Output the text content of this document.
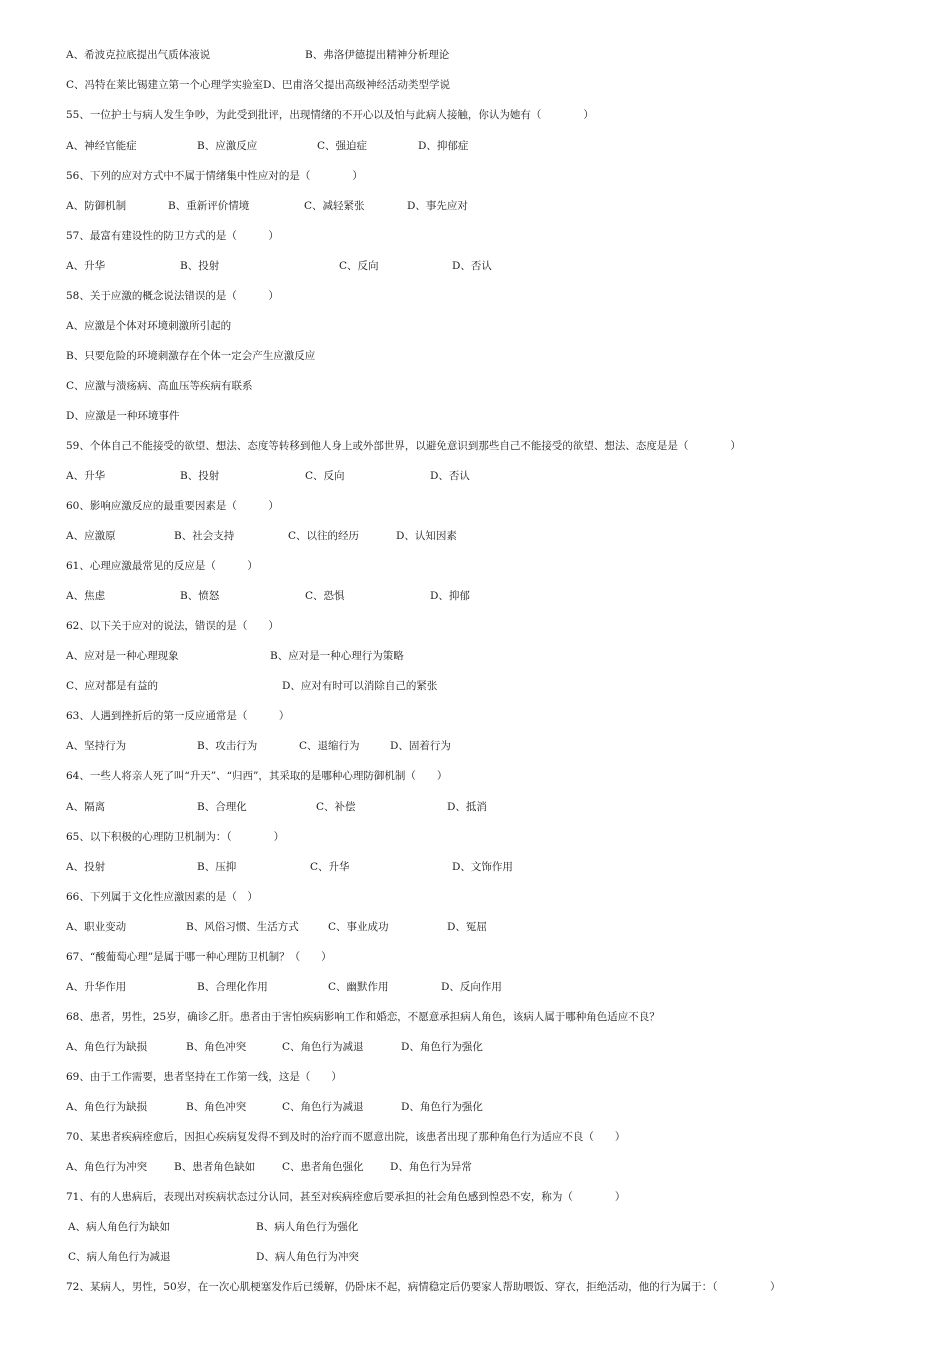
A、希波克拉底提出气质体液说	B、弗洛伊德提出精神分析理论
C、冯特在莱比锡建立第一个心理学实验室D、巴甫洛父提出高级神经活动类型学说
55、一位护士与病人发生争吵，为此受到批评，出现情绪的不开心以及怕与此病人接触，你认为她有（　　　　）
A、神经官能症	B、应激反应	C、强迫症	D、抑郁症
56、下列的应对方式中不属于情绪集中性应对的是（　　　　）
A、防御机制	B、重新评价情境	C、减轻紧张	D、事先应对
57、最富有建设性的防卫方式的是（　　　）
A、升华	B、投射	C、反向	D、否认
58、关于应激的概念说法错误的是（　　　）
A、应激是个体对环境刺激所引起的
B、只要危险的环境刺激存在个体一定会产生应激反应
C、应激与溃疡病、高血压等疾病有联系
D、应激是一种环境事件
59、个体自己不能接受的欲望、想法、态度等转移到他人身上或外部世界，以避免意识到那些自己不能接受的欲望、想法、态度是是（　　　　）
A、升华	B、投射	C、反向	D、否认
60、影响应激反应的最重要因素是（　　　）
A、应激原	B、社会支持	C、以往的经历	D、认知因素
61、心理应激最常见的反应是（　　　）
A、焦虑	B、愤怒	C、恐惧	D、抑郁
62、以下关于应对的说法，错误的是（　　）
A、应对是一种心理现象	B、应对是一种心理行为策略
C、应对都是有益的	D、应对有时可以消除自己的紧张
63、人遇到挫折后的第一反应通常是（　　　）
A、坚持行为	B、攻击行为	C、退缩行为	D、固着行为
64、一些人将亲人死了叫“升天”、“归西”，其采取的是哪种心理防御机制（　　）
A、隔离	B、合理化	C、补偿	D、抵消
65、以下积极的心理防卫机制为：（　　　　）
A、投射	B、压抑	C、升华	D、文饰作用
66、下列属于文化性应激因素的是（　）
A、职业变动	B、风俗习惯、生活方式	C、事业成功	D、冤屈
67、“酸葡萄心理”是属于哪一种心理防卫机制？（　　）
A、升华作用	B、合理化作用	C、幽默作用	D、反向作用
68、患者，男性，25岁，确诊乙肝。患者由于害怕疾病影响工作和婚恋，不愿意承担病人角色，该病人属于哪种角色适应不良？
A、角色行为缺损	B、角色冲突	C、角色行为减退	D、角色行为强化
69、由于工作需要，患者坚持在工作第一线，这是（　　）
A、角色行为缺损	B、角色冲突	C、角色行为减退	D、角色行为强化
70、某患者疾病痊愈后，因担心疾病复发得不到及时的治疗而不愿意出院，该患者出现了那种角色行为适应不良（　　）
A、角色行为冲突	B、患者角色缺如	C、患者角色强化	D、角色行为异常
71、有的人患病后，表现出对疾病状态过分认同，甚至对疾病痊愈后要承担的社会角色感到惶恐不安，称为（　　　　）
A、病人角色行为缺如	B、病人角色行为强化
C、病人角色行为减退	D、病人角色行为冲突
72、某病人，男性，50岁，在一次心肌梗塞发作后已缓解，仍卧床不起，病情稳定后仍要家人帮助喂饭、穿衣，拒绝活动，他的行为属于：（　　　　　）
